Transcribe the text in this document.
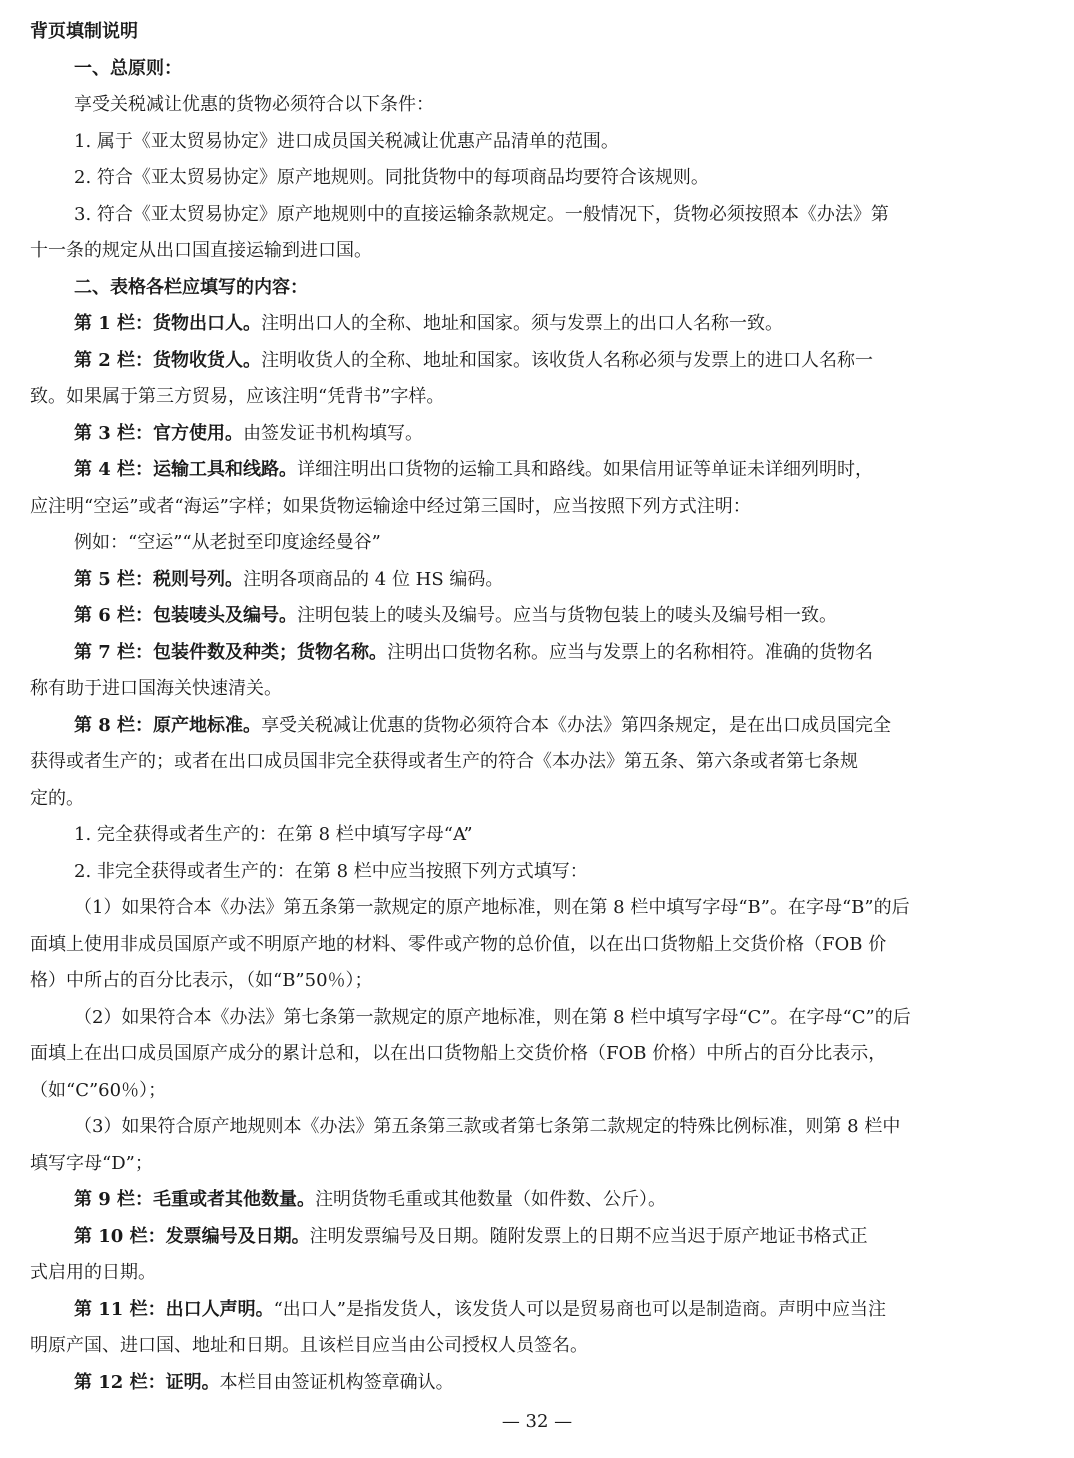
背页填制说明
一、总原则：
享受关税减让优惠的货物必须符合以下条件：
1. 属于《亚太贸易协定》进口成员国关税减让优惠产品清单的范围。
2. 符合《亚太贸易协定》原产地规则。同批货物中的每项商品均要符合该规则。
3. 符合《亚太贸易协定》原产地规则中的直接运输条款规定。一般情况下，货物必须按照本《办法》第
十一条的规定从出口国直接运输到进口国。
二、表格各栏应填写的内容：
第 1 栏：货物出口人。注明出口人的全称、地址和国家。须与发票上的出口人名称一致。
第 2 栏：货物收货人。注明收货人的全称、地址和国家。该收货人名称必须与发票上的进口人名称一
致。如果属于第三方贸易，应该注明“凭背书”字样。
第 3 栏：官方使用。由签发证书机构填写。
第 4 栏：运输工具和线路。详细注明出口货物的运输工具和路线。如果信用证等单证未详细列明时，
应注明“空运”或者“海运”字样；如果货物运输途中经过第三国时，应当按照下列方式注明：
例如：“空运”“从老挝至印度途经曼谷”
第 5 栏：税则号列。注明各项商品的 4 位 HS 编码。
第 6 栏：包装唛头及编号。注明包装上的唛头及编号。应当与货物包装上的唛头及编号相一致。
第 7 栏：包装件数及种类；货物名称。注明出口货物名称。应当与发票上的名称相符。准确的货物名
称有助于进口国海关快速清关。
第 8 栏：原产地标准。享受关税减让优惠的货物必须符合本《办法》第四条规定，是在出口成员国完全
获得或者生产的；或者在出口成员国非完全获得或者生产的符合《本办法》第五条、第六条或者第七条规
定的。
1. 完全获得或者生产的：在第 8 栏中填写字母“A”
2. 非完全获得或者生产的：在第 8 栏中应当按照下列方式填写：
（1）如果符合本《办法》第五条第一款规定的原产地标准，则在第 8 栏中填写字母“B”。在字母“B”的后
面填上使用非成员国原产或不明原产地的材料、零件或产物的总价值，以在出口货物船上交货价格（FOB 价
格）中所占的百分比表示，（如“B”50％）；
（2）如果符合本《办法》第七条第一款规定的原产地标准，则在第 8 栏中填写字母“C”。在字母“C”的后
面填上在出口成员国原产成分的累计总和，以在出口货物船上交货价格（FOB 价格）中所占的百分比表示，
（如“C”60％）；
（3）如果符合原产地规则本《办法》第五条第三款或者第七条第二款规定的特殊比例标准，则第 8 栏中
填写字母“D”；
第 9 栏：毛重或者其他数量。注明货物毛重或其他数量（如件数、公斤）。
第 10 栏：发票编号及日期。注明发票编号及日期。随附发票上的日期不应当迟于原产地证书格式正
式启用的日期。
第 11 栏：出口人声明。“出口人”是指发货人，该发货人可以是贸易商也可以是制造商。声明中应当注
明原产国、进口国、地址和日期。且该栏目应当由公司授权人员签名。
第 12 栏：证明。本栏目由签证机构签章确认。
— 32 —
